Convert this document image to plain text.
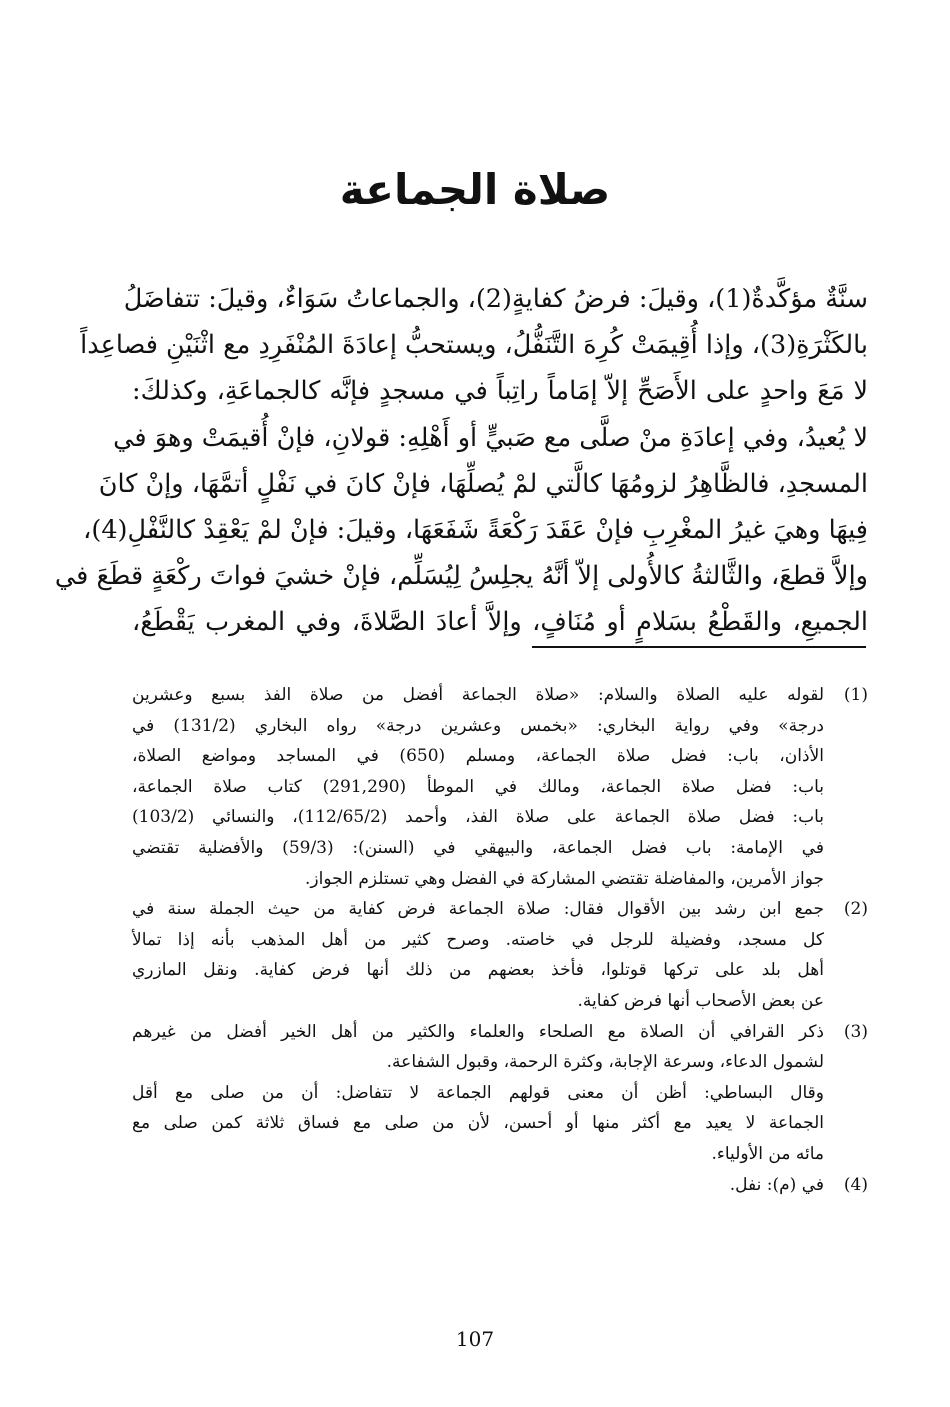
صلاة الجماعة
سنَّةٌ مؤكَّدةٌ(1)، وقيلَ: فرضُ كفايةٍ(2)، والجماعاتُ سَوَاءٌ، وقيلَ: تتفاضَلُ
بالكَثْرَةِ(3)، وإذا أُقِيمَتْ كُرِهَ التَّنَفُّلُ، ويستحبُّ إعادَةَ المُنْفَرِدِ مع اثْنَيْنِ فصاعِداً
لا مَعَ واحدٍ على الأَصَحِّ إلاّ إمَاماً راتِباً في مسجدٍ فإنَّه كالجماعَةِ، وكذلكَ:
لا يُعيدُ، وفي إعادَةِ منْ صلَّى مع صَبيٍّ أو أَهْلِهِ: قولانِ، فإنْ أُقيمَتْ وهوَ في
المسجدِ، فالظَّاهِرُ لزومُهَا كالَّتي لمْ يُصلِّهَا، فإنْ كانَ في نَفْلٍ أتمَّهَا، وإنْ كانَ
فِيهَا وهيَ غيرُ المغْرِبِ فإنْ عَقَدَ رَكْعَةً شَفَعَهَا، وقيلَ: فإنْ لمْ يَعْقِدْ كالنَّفْلِ(4)،
وإلاَّ قطعَ، والثَّالثةُ كالأُولى إلاّ أنَّهُ يجلِسُ لِيُسَلِّم، فإنْ خشيَ فواتَ ركْعَةٍ قطَعَ في
الجميعِ، والقَطْعُ بسَلامٍ أو مُنَافٍ، وإلاَّ أعادَ الصَّلاةَ، وفي المغرب يَقْطَعُ،
(1)
لقوله عليه الصلاة والسلام: «صلاة الجماعة أفضل من صلاة الفذ بسبع وعشرين
درجة» وفي رواية البخاري: «بخمس وعشرين درجة» رواه البخاري (131/2) في
الأذان، باب: فضل صلاة الجماعة، ومسلم (650) في المساجد ومواضع الصلاة،
باب: فضل صلاة الجماعة، ومالك في الموطأ (291,290) كتاب صلاة الجماعة،
باب: فضل صلاة الجماعة على صلاة الفذ، وأحمد (112/65/2)، والنسائي (103/2)
في الإمامة: باب فضل الجماعة، والبيهقي في (السنن): (59/3) والأفضلية تقتضي
جواز الأمرين، والمفاضلة تقتضي المشاركة في الفضل وهي تستلزم الجواز.
(2)
جمع ابن رشد بين الأقوال فقال: صلاة الجماعة فرض كفاية من حيث الجملة سنة في
كل مسجد، وفضيلة للرجل في خاصته. وصرح كثير من أهل المذهب بأنه إذا تمالأ
أهل بلد على تركها قوتلوا، فأخذ بعضهم من ذلك أنها فرض كفاية. ونقل المازري
عن بعض الأصحاب أنها فرض كفاية.
(3)
ذكر القرافي أن الصلاة مع الصلحاء والعلماء والكثير من أهل الخير أفضل من غيرهم
لشمول الدعاء، وسرعة الإجابة، وكثرة الرحمة، وقبول الشفاعة.
وقال البساطي: أظن أن معنى قولهم الجماعة لا تتفاضل: أن من صلى مع أقل
الجماعة لا يعيد مع أكثر منها أو أحسن، لأن من صلى مع فساق ثلاثة كمن صلى مع
مائه من الأولياء.
(4)
في (م): نفل.
107
